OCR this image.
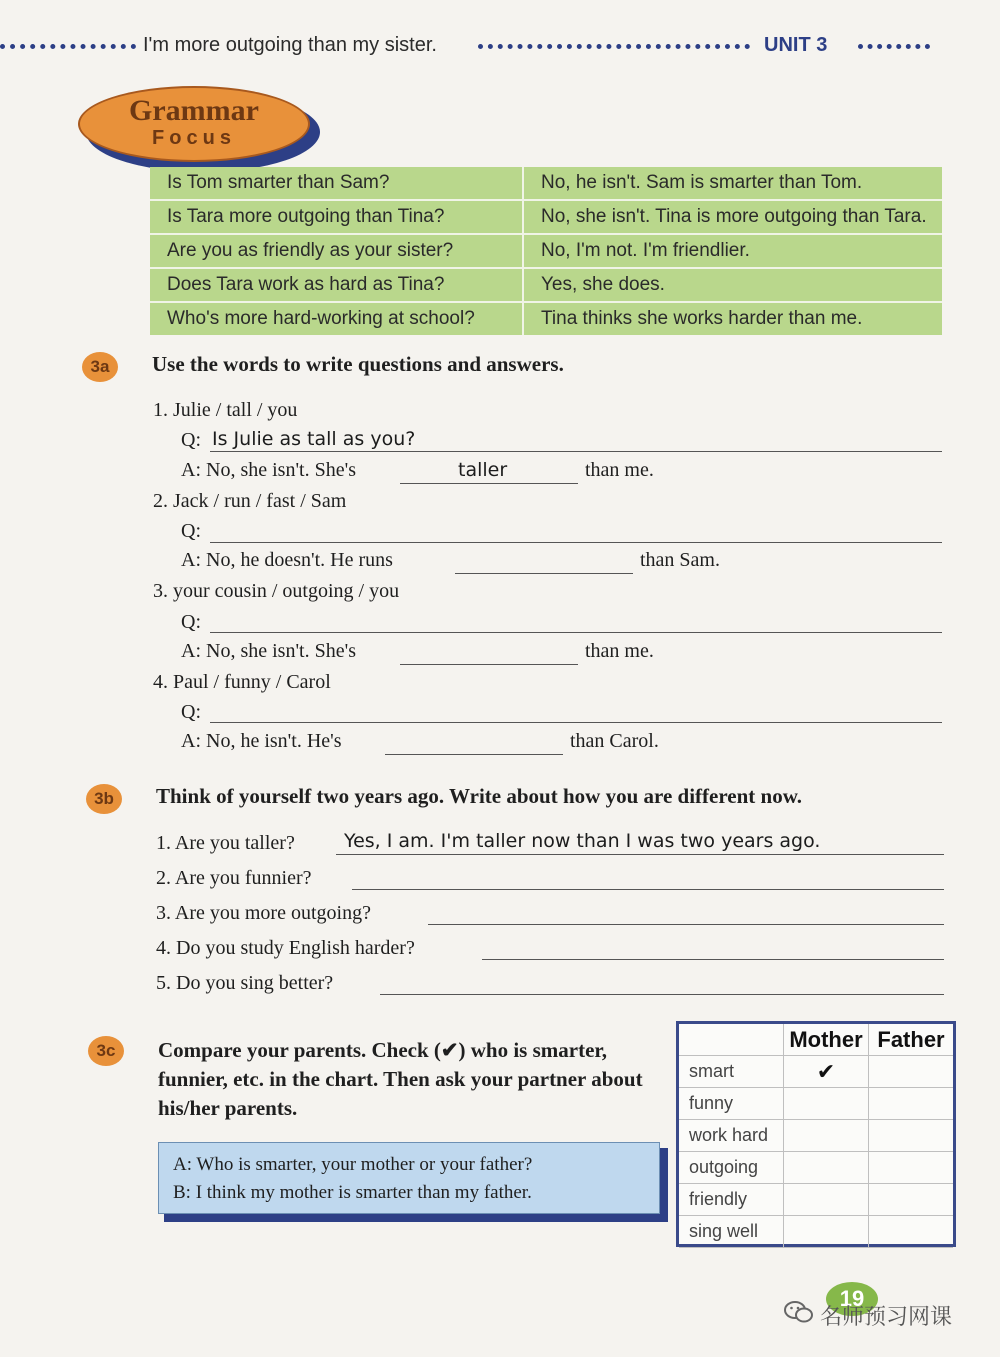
I'm more outgoing than my sister.	UNIT 3
Grammar
Focus
Is Tom smarter than Sam?	No, he isn't. Sam is smarter than Tom.
Is Tara more outgoing than Tina?	No, she isn't. Tina is more outgoing than Tara.
Are you as friendly as your sister?	No, I'm not. I'm friendlier.
Does Tara work as hard as Tina?	Yes, she does.
Who's more hard-working at school?	Tina thinks she works harder than me.
3a	Use the words to write questions and answers.
1. Julie / tall / you
Q: Is Julie as tall as you?
A: No, she isn't. She's	taller	than me.
2. Jack / run / fast / Sam
Q:
A: No, he doesn't. He runs	than Sam.
3. your cousin / outgoing / you
Q:
A: No, she isn't. She's	than me.
4. Paul / funny / Carol
Q:
A: No, he isn't. He's	than Carol.
3b	Think of yourself two years ago. Write about how you are different now.
1. Are you taller?	Yes, I am. I'm taller now than I was two years ago.
2. Are you funnier?
3. Are you more outgoing?
4. Do you study English harder?
5. Do you sing better?
3c	Compare your parents. Check (✔) who is smarter, funnier, etc. in the chart. Then ask your partner about his/her parents.
A: Who is smarter, your mother or your father?
B: I think my mother is smarter than my father.
	Mother	Father
smart	✔	
funny		
work hard		
outgoing		
friendly		
sing well		
19
名师预习网课
